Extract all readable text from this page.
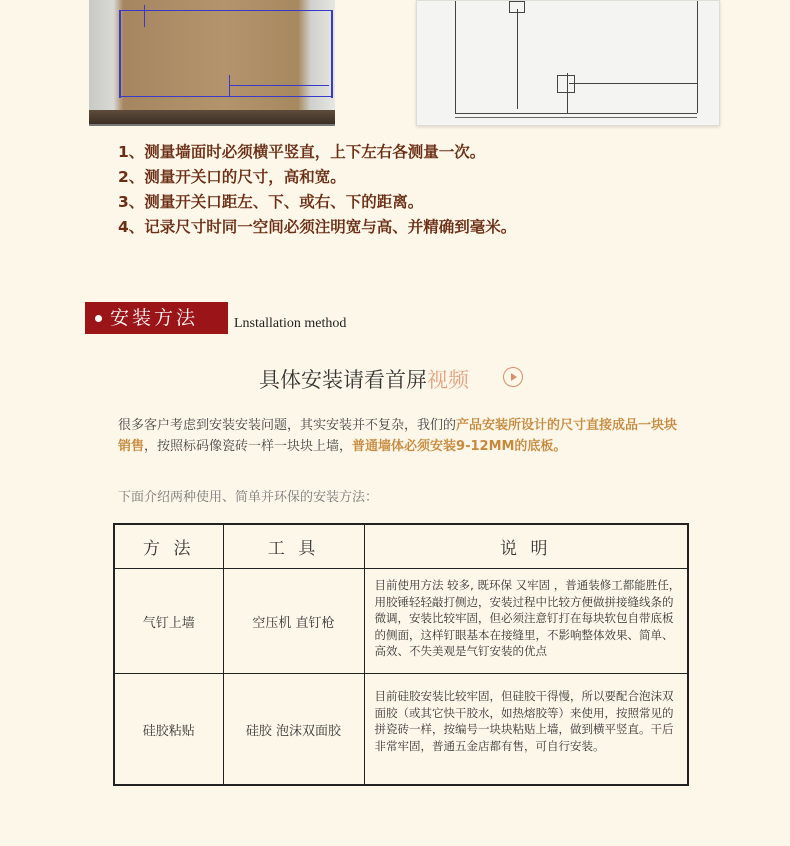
1、测量墙面时必须横平竖直，上下左右各测量一次。
2、测量开关口的尺寸，高和宽。
3、测量开关口距左、下、或右、下的距离。
4、记录尺寸时同一空间必须注明宽与高、并精确到毫米。
安装方法	Lnstallation method
具体安装请看首屏视频
很多客户考虑到安装安装问题，其实安装并不复杂，我们的产品安装所设计的尺寸直接成品一块块销售，按照标码像瓷砖一样一块块上墙，普通墙体必须安装9-12MM的底板。
下面介绍两种使用、简单并环保的安装方法：
方 法	工 具	说 明
气钉上墙	空压机 直钉枪	目前使用方法 较多, 既环保 又牢固 ，普通装修工都能胜任，用胶锤轻轻敲打侧边，安装过程中比较方便做拼接缝线条的微调，安装比较牢固，但必须注意钉打在每块软包自带底板的侧面，这样钉眼基本在接缝里，不影响整体效果、简单、高效、不失美观是气钉安装的优点
硅胶粘贴	硅胶 泡沫双面胶	目前硅胶安装比较牢固，但硅胶干得慢，所以要配合泡沫双面胶（或其它快干胶水，如热熔胶等）来使用，按照常见的拼瓷砖一样，按编号一块块粘贴上墙，做到横平竖直。干后非常牢固，普通五金店都有售，可自行安装。
